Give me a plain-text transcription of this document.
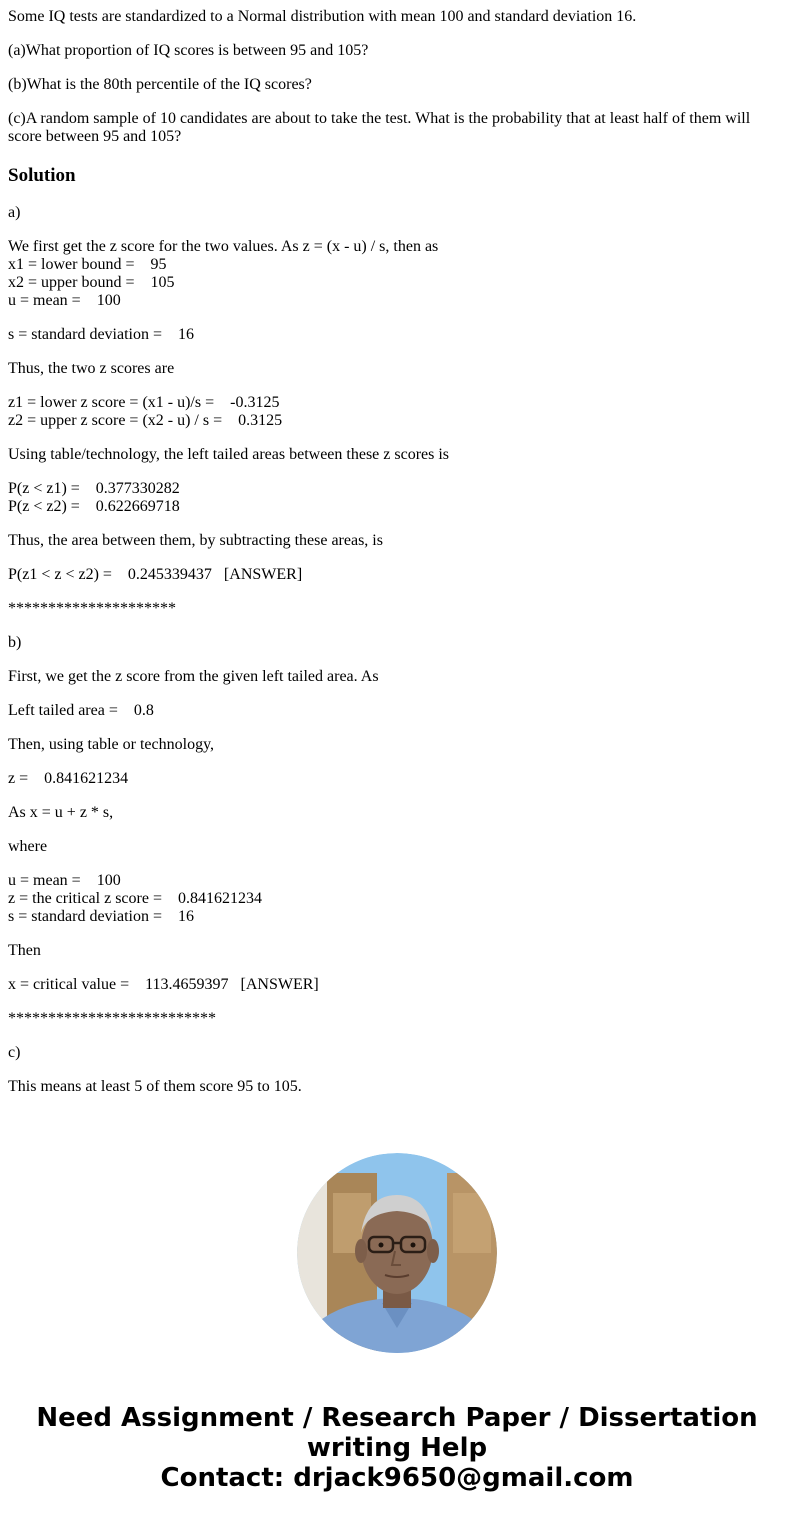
Some IQ tests are standardized to a Normal distribution with mean 100 and standard deviation 16.

(a)What proportion of IQ scores is between 95 and 105?

(b)What is the 80th percentile of the IQ scores?

(c)A random sample of 10 candidates are about to take the test. What is the probability that at least half of them will score between 95 and 105?

Solution

a)

We first get the z score for the two values. As z = (x - u) / s, then as

x1 = lower bound =    95

x2 = upper bound =    105

u = mean =    100

s = standard deviation =    16

Thus, the two z scores are

z1 = lower z score = (x1 - u)/s =    -0.3125

z2 = upper z score = (x2 - u) / s =    0.3125

Using table/technology, the left tailed areas between these z scores is

P(z < z1) =    0.377330282

P(z < z2) =    0.622669718

Thus, the area between them, by subtracting these areas, is

P(z1 < z < z2) =    0.245339437   [ANSWER]

*********************

b)

First, we get the z score from the given left tailed area. As

Left tailed area =    0.8

Then, using table or technology,

z =    0.841621234

As x = u + z * s,

where

u = mean =    100

z = the critical z score =    0.841621234

s = standard deviation =    16

Then

x = critical value =    113.4659397   [ANSWER]

**************************

c)

This means at least 5 of them score 95 to 105.

Need Assignment / Research Paper / Dissertation
writing Help
Contact: drjack9650@gmail.com
